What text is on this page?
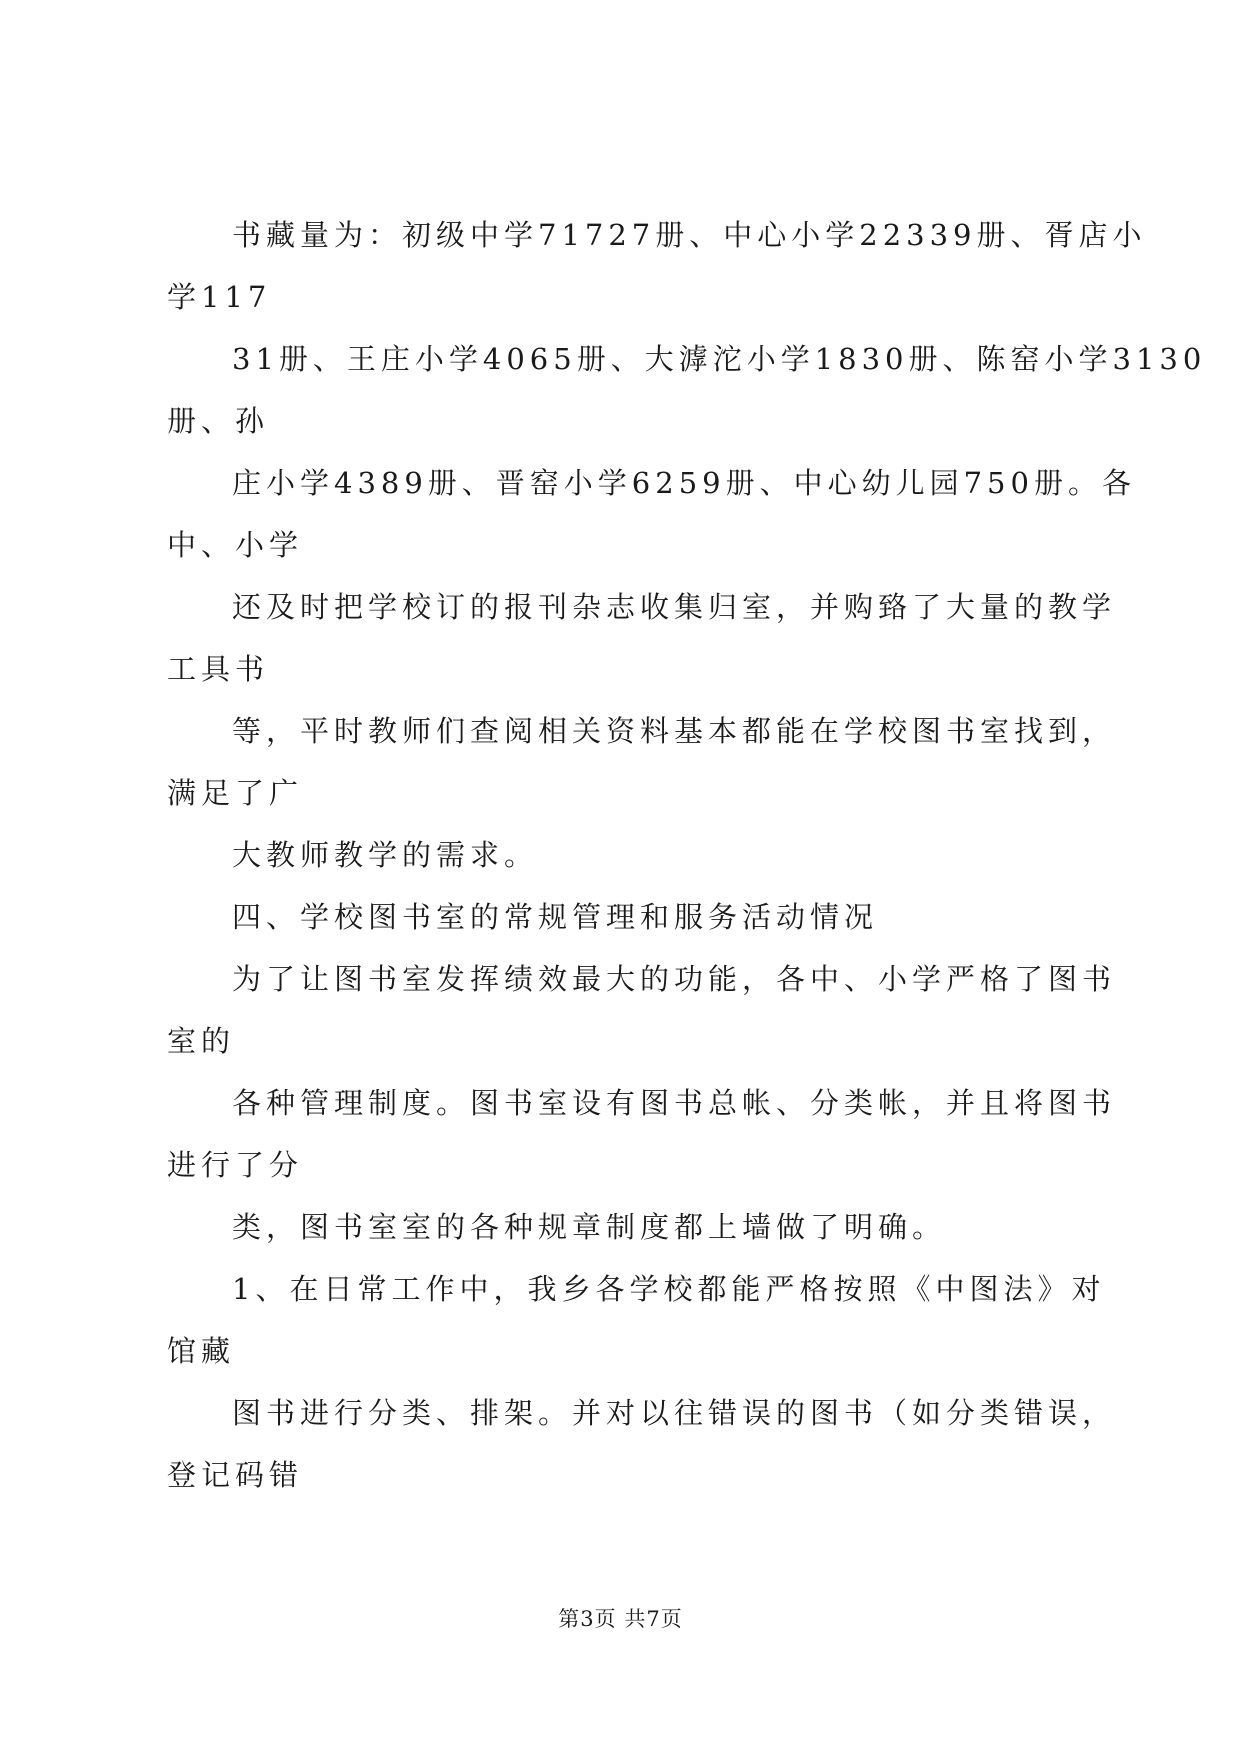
书藏量为：初级中学71727册、中心小学22339册、胥店小
学117
31册、王庄小学4065册、大滹沱小学1830册、陈窑小学3130
册、孙
庄小学4389册、晋窑小学6259册、中心幼儿园750册。各
中、小学
还及时把学校订的报刊杂志收集归室，并购臵了大量的教学
工具书
等，平时教师们查阅相关资料基本都能在学校图书室找到，
满足了广
大教师教学的需求。
四、学校图书室的常规管理和服务活动情况
为了让图书室发挥绩效最大的功能，各中、小学严格了图书
室的
各种管理制度。图书室设有图书总帐、分类帐，并且将图书
进行了分
类，图书室室的各种规章制度都上墙做了明确。
1、在日常工作中，我乡各学校都能严格按照《中图法》对
馆藏
图书进行分类、排架。并对以往错误的图书（如分类错误，
登记码错
第3页 共7页
